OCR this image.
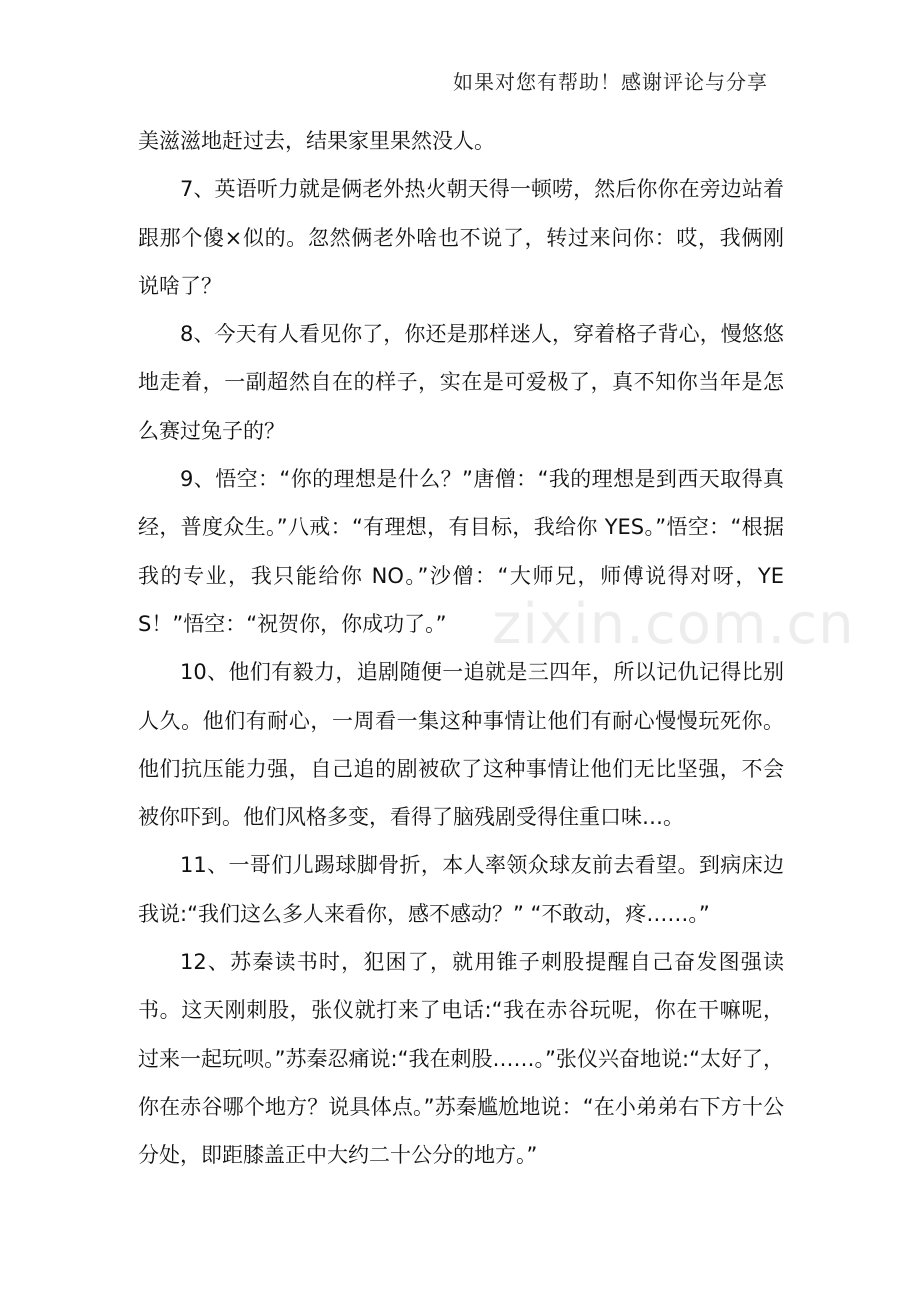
如果对您有帮助！感谢评论与分享

美滋滋地赶过去，结果家里果然没人。

7、英语听力就是俩老外热火朝天得一顿唠，然后你你在旁边站着跟那个傻×似的。忽然俩老外啥也不说了，转过来问你：哎，我俩刚说啥了？

8、今天有人看见你了，你还是那样迷人，穿着格子背心，慢悠悠地走着，一副超然自在的样子，实在是可爱极了，真不知你当年是怎么赛过兔子的？

9、悟空：“你的理想是什么？”唐僧：“我的理想是到西天取得真经，普度众生。”八戒：“有理想，有目标，我给你 YES。”悟空：“根据我的专业，我只能给你 NO。”沙僧：“大师兄，师傅说得对呀，YES！”悟空：“祝贺你，你成功了。”

10、他们有毅力，追剧随便一追就是三四年，所以记仇记得比别人久。他们有耐心，一周看一集这种事情让他们有耐心慢慢玩死你。他们抗压能力强，自己追的剧被砍了这种事情让他们无比坚强，不会被你吓到。他们风格多变，看得了脑残剧受得住重口味…。

11、一哥们儿踢球脚骨折，本人率领众球友前去看望。到病床边我说:“我们这么多人来看你，感不感动？” “不敢动，疼……。”

12、苏秦读书时，犯困了，就用锥子刺股提醒自己奋发图强读书。这天刚刺股，张仪就打来了电话:“我在赤谷玩呢，你在干嘛呢，过来一起玩呗。”苏秦忍痛说:“我在刺股……。”张仪兴奋地说:“太好了，你在赤谷哪个地方？说具体点。”苏秦尴尬地说：“在小弟弟右下方十公分处，即距膝盖正中大约二十公分的地方。”

zixin.com.cn
